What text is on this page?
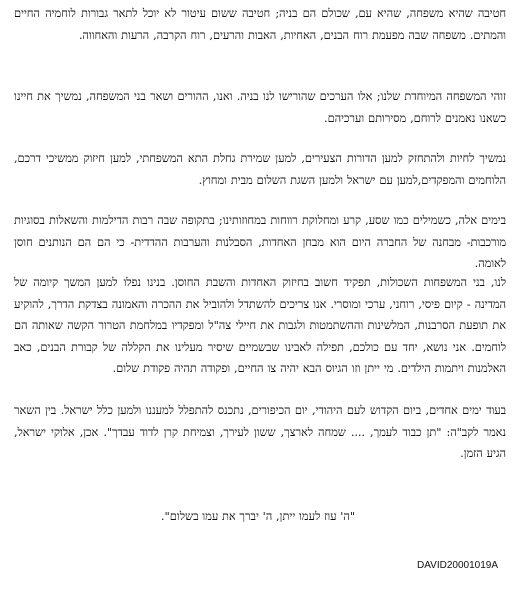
חטיבה שהיא משפחה, שהיא עם, שכולם הם בניה; חטיבה ששום עיטור לא יוכל לתאר גבורות לוחמיה החיים והמתים. משפחה שבה מפעמת רוח הבנים, האחיות, האבות והרעים, רוח הקרבה, הרעות והאחווה.

זוהי המשפחה המיוחדת שלנו; אלו הערכים שהורישו לנו בניה. ואנו, ההורים ושאר בני המשפחה, נמשיך את חיינו כשאנו נאמנים לרוחם, מסירותם וערכיהם.

נמשיך לחיות ולהתחזק למען הדורות הצעירים, למען שמירת גחלת התא המשפחתי, למען חיזוק ממשיכי דרכם, הלוחמים והמפקדים,למען עם ישראל ולמען השגת השלום מבית ומחוץ.

בימים אלה, כשמילים כמו שסע, קרע ומחלוקת רווחות במחוזותינו; בתקופה שבה רבות הדילמות והשאלות בסוגיות מורכבות- מבחנה של החברה היום הוא מבחן האחדות, הסבלנות והערבות ההדדית- כי הם הם הנותנים חוסן לאומה.

לנו, בני המשפחות השכולות, תפקיד חשוב בחיזוק האחדות והשבת החוסן. בנינו נפלו למען המשך קיומה של המדינה - קיום פיסי, רוחני, ערכי ומוסרי. אנו צריכים להשתדל ולהוביל את ההכרה והאמונה בצדקת הדרך, להוקיע את תופעת הסרבנות, המלשינות וההשתמטות ולגבות את חיילי צה"ל ומפקדיו במלחמת הטרור הקשה שאותה הם לוחמים. אני נושא, יחד עם כולכם, תפילה לאבינו שבשמיים שיסיר מעלינו את הקללה של קבורת הבנים, כאב האלמנות ויתמות הילדים. מי ייתן וזו הגיוס הבא יהיה צו החיים, ופקודה תהיה פקודת שלום.

בעוד ימים אחדים, ביום הקדוש לעם היהודי, יום הכיפורים, נתכנס להתפלל למעננו ולמען כלל ישראל. בין השאר נאמר לקב"ה: "תן כבוד לעמך, .... שמחה לארצך, ששון לעירך, וצמיחת קרן לדוד עבדך". אכן, אלוקי ישראל, הגיע הזמן.

"ה' עוז לעמו ייתן, ה' יברך את עמו בשלום".

DAVID20001019A
